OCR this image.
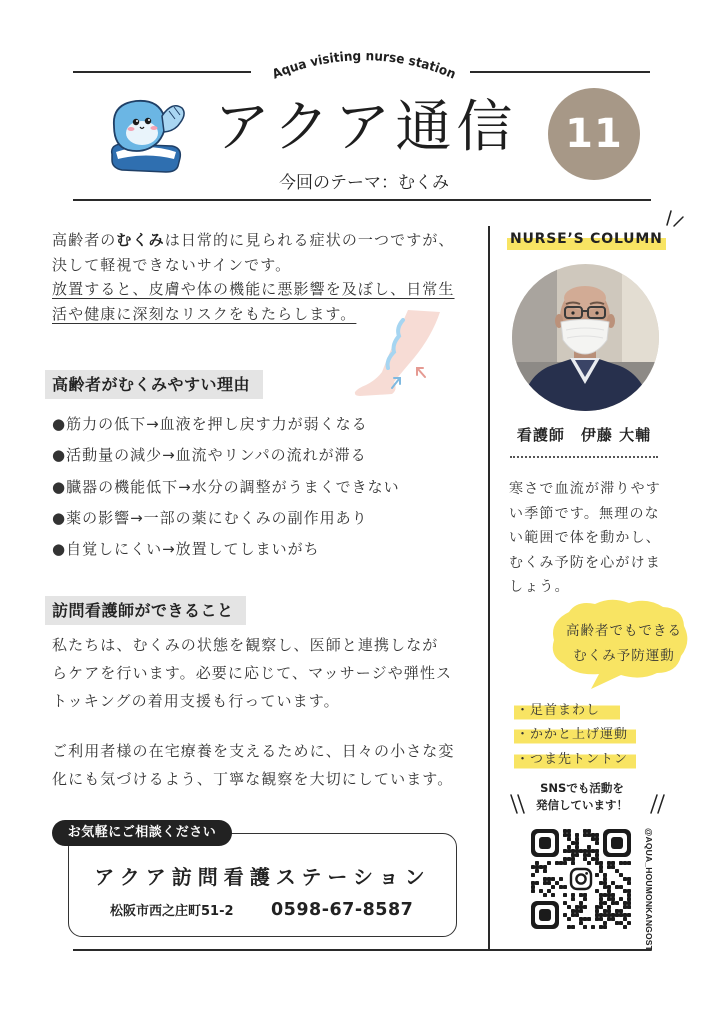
Aqua visiting nurse station
アクア通信	11
今回のテーマ：むくみ
高齢者のむくみは日常的に見られる症状の一つですが、
決して軽視できないサインです。
放置すると、皮膚や体の機能に悪影響を及ぼし、日常生
活や健康に深刻なリスクをもたらします。
高齢者がむくみやすい理由
●筋力の低下→血液を押し戻す力が弱くなる
●活動量の減少→血流やリンパの流れが滞る
●臓器の機能低下→水分の調整がうまくできない
●薬の影響→一部の薬にむくみの副作用あり
●自覚しにくい→放置してしまいがち
訪問看護師ができること
私たちは、むくみの状態を観察し、医師と連携しなが
らケアを行います。必要に応じて、マッサージや弾性ス
トッキングの着用支援も行っています。
ご利用者様の在宅療養を支えるために、日々の小さな変
化にも気づけるよう、丁寧な観察を大切にしています。
お気軽にご相談ください
アクア訪問看護ステーション
松阪市西之庄町51-2 0598-67-8587
NURSE’S COLUMN
看護師　伊藤 大輔
寒さで血流が滞りやす
い季節です。無理のな
い範囲で体を動かし、
むくみ予防を心がけま
しょう。
高齢者でもできる
むくみ予防運動
・足首まわし
・かかと上げ運動
・つま先トントン
SNSでも活動を
発信しています！
@AQUA_HOUMONKANGOST
